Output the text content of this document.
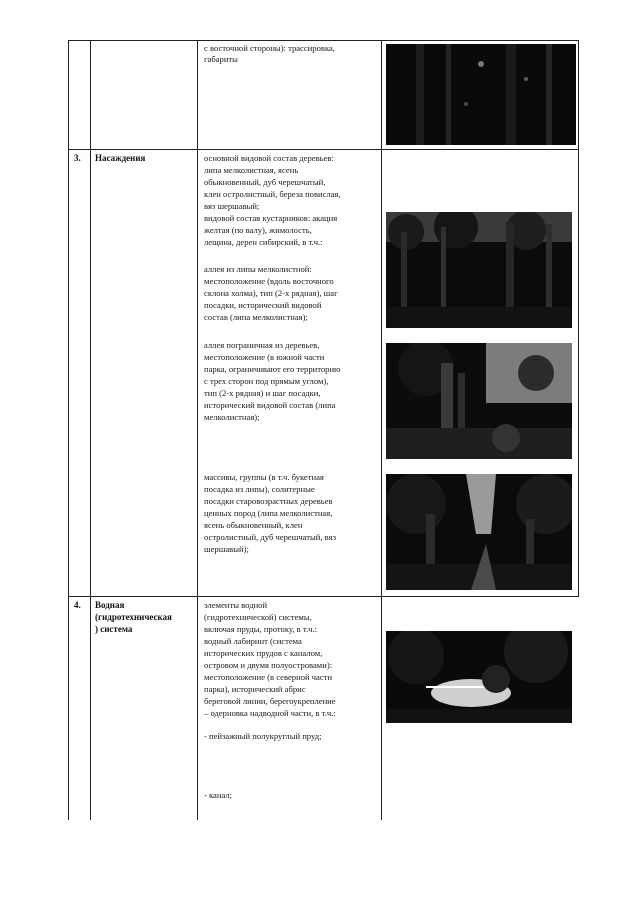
с восточной стороны): трассировка,
габариты
3. Насаждения	основной видовой состав деревьев:
липа мелколистная, ясень
обыкновенный, дуб черешчатый,
клен остролистный, береза повислая,
вяз шершавый;
видовой состав кустарников: акация
желтая (по валу), жимолость,
лещина, дерен сибирский, в т.ч.:
аллея из липы мелколистной:
местоположение (вдоль восточного
склона холма), тип (2-х рядная), шаг
посадки, исторический видовой
состав (липа мелколистная);
аллея пограничная из деревьев,
местоположение (в южной части
парка, ограничивают его территорию
с трех сторон под прямым углом),
тип (2-х рядная) и шаг посадки,
исторический видовой состав (липа
мелколистная);
массивы, группы (в т.ч. букетная
посадка из липы), солитерные
посадки старовозрастных деревьев
ценных пород (липа мелколистная,
ясень обыкновенный, клен
остролистный, дуб черешчатый, вяз
шершавый);
4. Водная
(гидротехническая
) система
элементы водной
(гидротехнической) системы,
включая пруды, протоку, в т.ч.:
водный лабиринт (система
исторических прудов с каналом,
островом и двумя полуостровами):
местоположение (в северной части
парка), исторический абрис
береговой линии, берегоукрепление
– одерновка надводной части, в т.ч.:
- пейзажный полукруглый пруд;
- канал;
